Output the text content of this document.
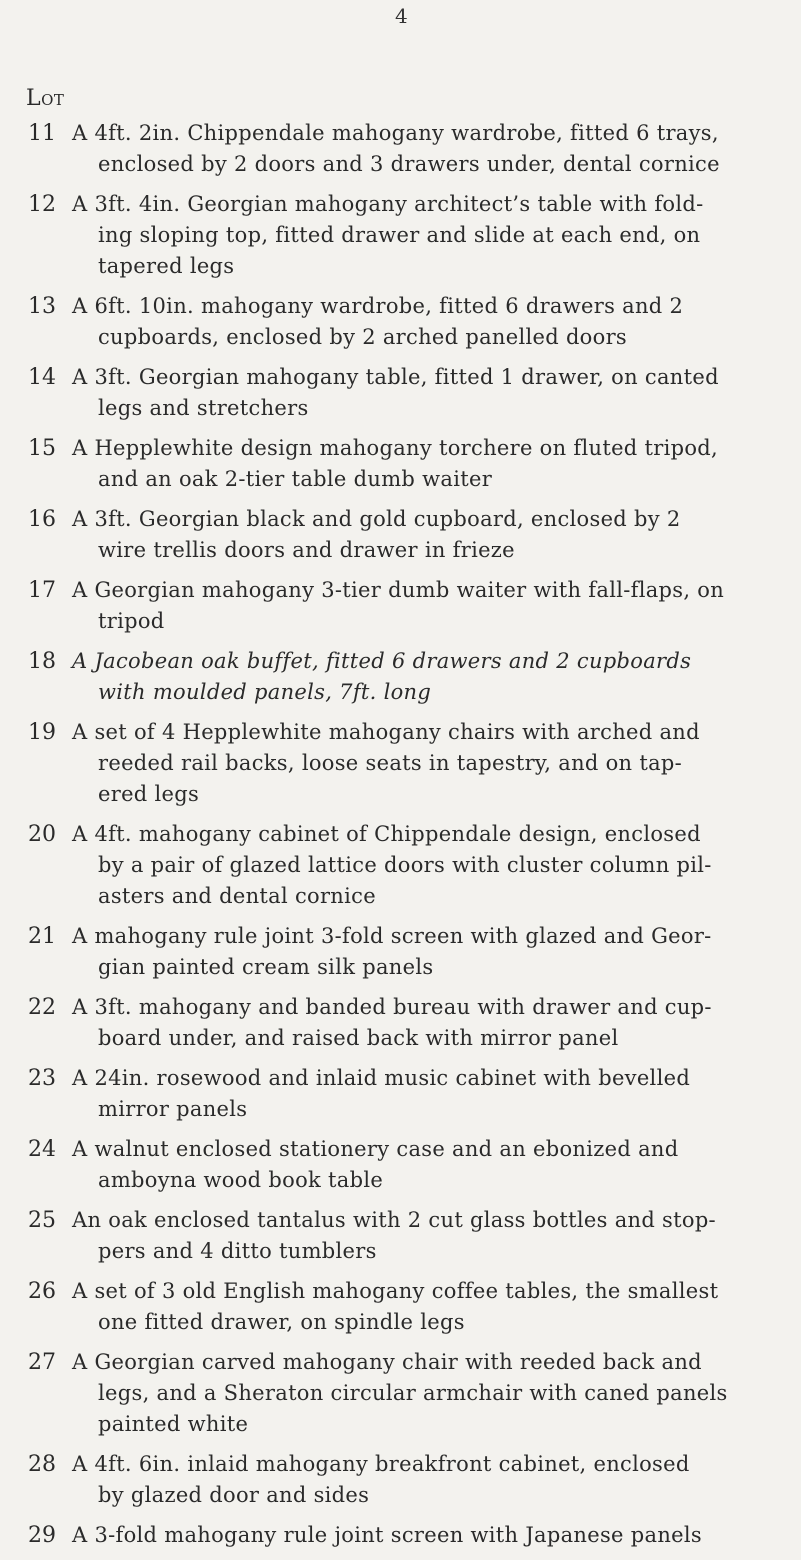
4
Lot
11 A 4ft. 2in. Chippendale mahogany wardrobe, fitted 6 trays,

enclosed by 2 doors and 3 drawers under, dental cornice
12 A 3ft. 4in. Georgian mahogany architect’s table with fold-

ing sloping top, fitted drawer and slide at each end, on
tapered legs
13 A 6ft. 10in. mahogany wardrobe, fitted 6 drawers and 2

cupboards, enclosed by 2 arched panelled doors
14 A 3ft. Georgian mahogany table, fitted 1 drawer, on canted

legs and stretchers
15 A Hepplewhite design mahogany torchere on fluted tripod,

and an oak 2-tier table dumb waiter
16 A 3ft. Georgian black and gold cupboard, enclosed by 2

wire trellis doors and drawer in frieze
17 A Georgian mahogany 3-tier dumb waiter with fall-flaps, on

tripod
18 A Jacobean oak buffet, fitted 6 drawers and 2 cupboards

with moulded panels, 7ft. long
19 A set of 4 Hepplewhite mahogany chairs with arched and

reeded rail backs, loose seats in tapestry, and on tap-
ered legs
20 A 4ft. mahogany cabinet of Chippendale design, enclosed

by a pair of glazed lattice doors with cluster column pil-
asters and dental cornice
21 A mahogany rule joint 3-fold screen with glazed and Geor-

gian painted cream silk panels
22 A 3ft. mahogany and banded bureau with drawer and cup-

board under, and raised back with mirror panel
23 A 24in. rosewood and inlaid music cabinet with bevelled

mirror panels
24 A walnut enclosed stationery case and an ebonized and

amboyna wood book table
25 An oak enclosed tantalus with 2 cut glass bottles and stop-

pers and 4 ditto tumblers
26 A set of 3 old English mahogany coffee tables, the smallest

one fitted drawer, on spindle legs
27 A Georgian carved mahogany chair with reeded back and

legs, and a Sheraton circular armchair with caned panels
painted white
28 A 4ft. 6in. inlaid mahogany breakfront cabinet, enclosed

by glazed door and sides
29 A 3-fold mahogany rule joint screen with Japanese panels
